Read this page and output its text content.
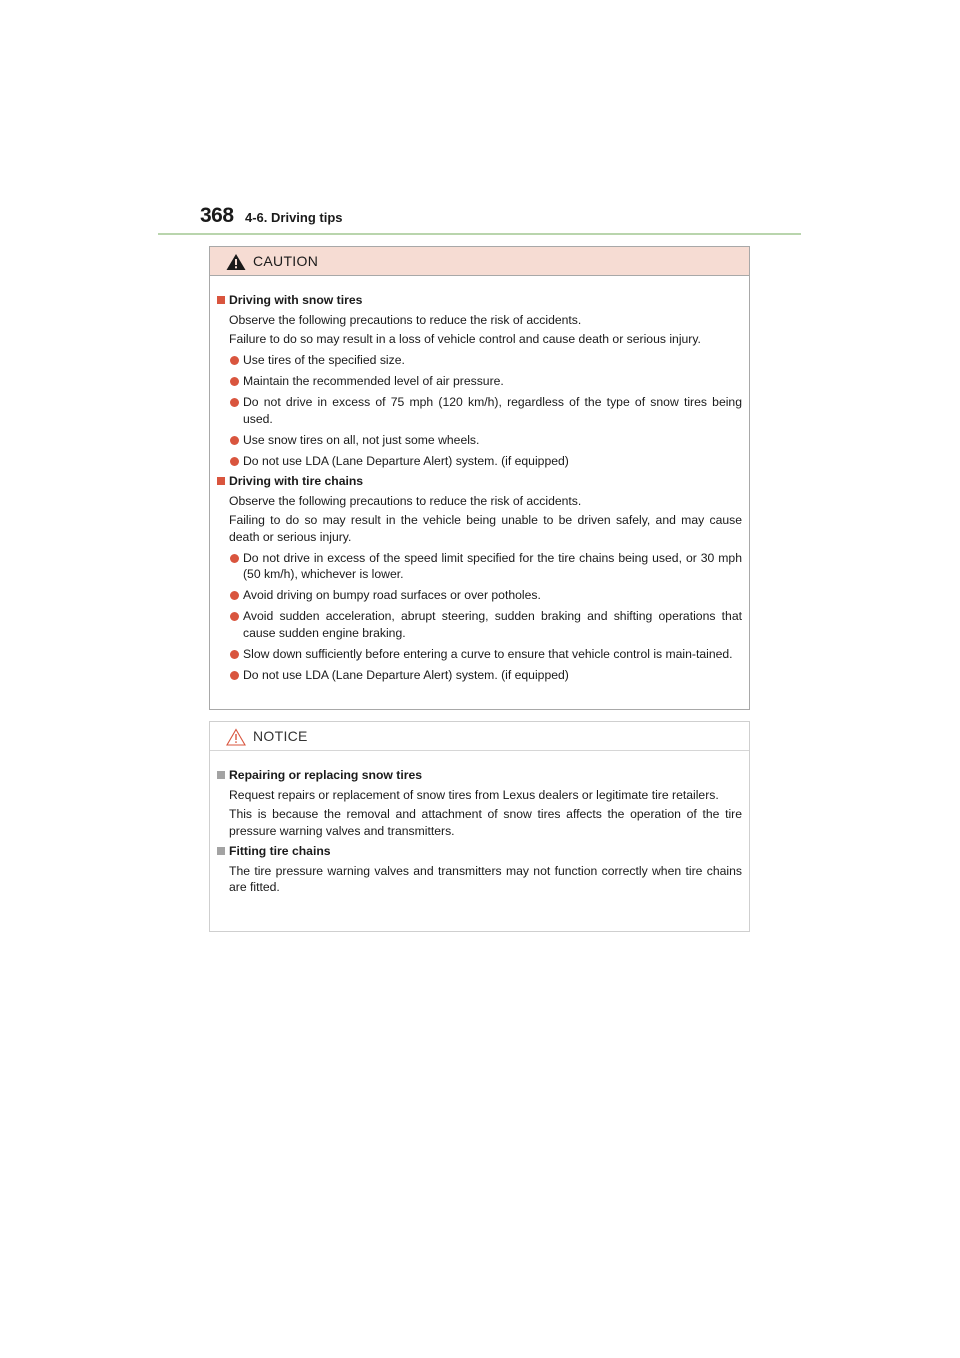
368 4-6. Driving tips
CAUTION
Driving with snow tires
Observe the following precautions to reduce the risk of accidents.
Failure to do so may result in a loss of vehicle control and cause death or serious injury.
Use tires of the specified size.
Maintain the recommended level of air pressure.
Do not drive in excess of 75 mph (120 km/h), regardless of the type of snow tires being used.
Use snow tires on all, not just some wheels.
Do not use LDA (Lane Departure Alert) system. (if equipped)
Driving with tire chains
Observe the following precautions to reduce the risk of accidents.
Failing to do so may result in the vehicle being unable to be driven safely, and may cause death or serious injury.
Do not drive in excess of the speed limit specified for the tire chains being used, or 30 mph (50 km/h), whichever is lower.
Avoid driving on bumpy road surfaces or over potholes.
Avoid sudden acceleration, abrupt steering, sudden braking and shifting operations that cause sudden engine braking.
Slow down sufficiently before entering a curve to ensure that vehicle control is main-tained.
Do not use LDA (Lane Departure Alert) system. (if equipped)
NOTICE
Repairing or replacing snow tires
Request repairs or replacement of snow tires from Lexus dealers or legitimate tire retailers.
This is because the removal and attachment of snow tires affects the operation of the tire pressure warning valves and transmitters.
Fitting tire chains
The tire pressure warning valves and transmitters may not function correctly when tire chains are fitted.
